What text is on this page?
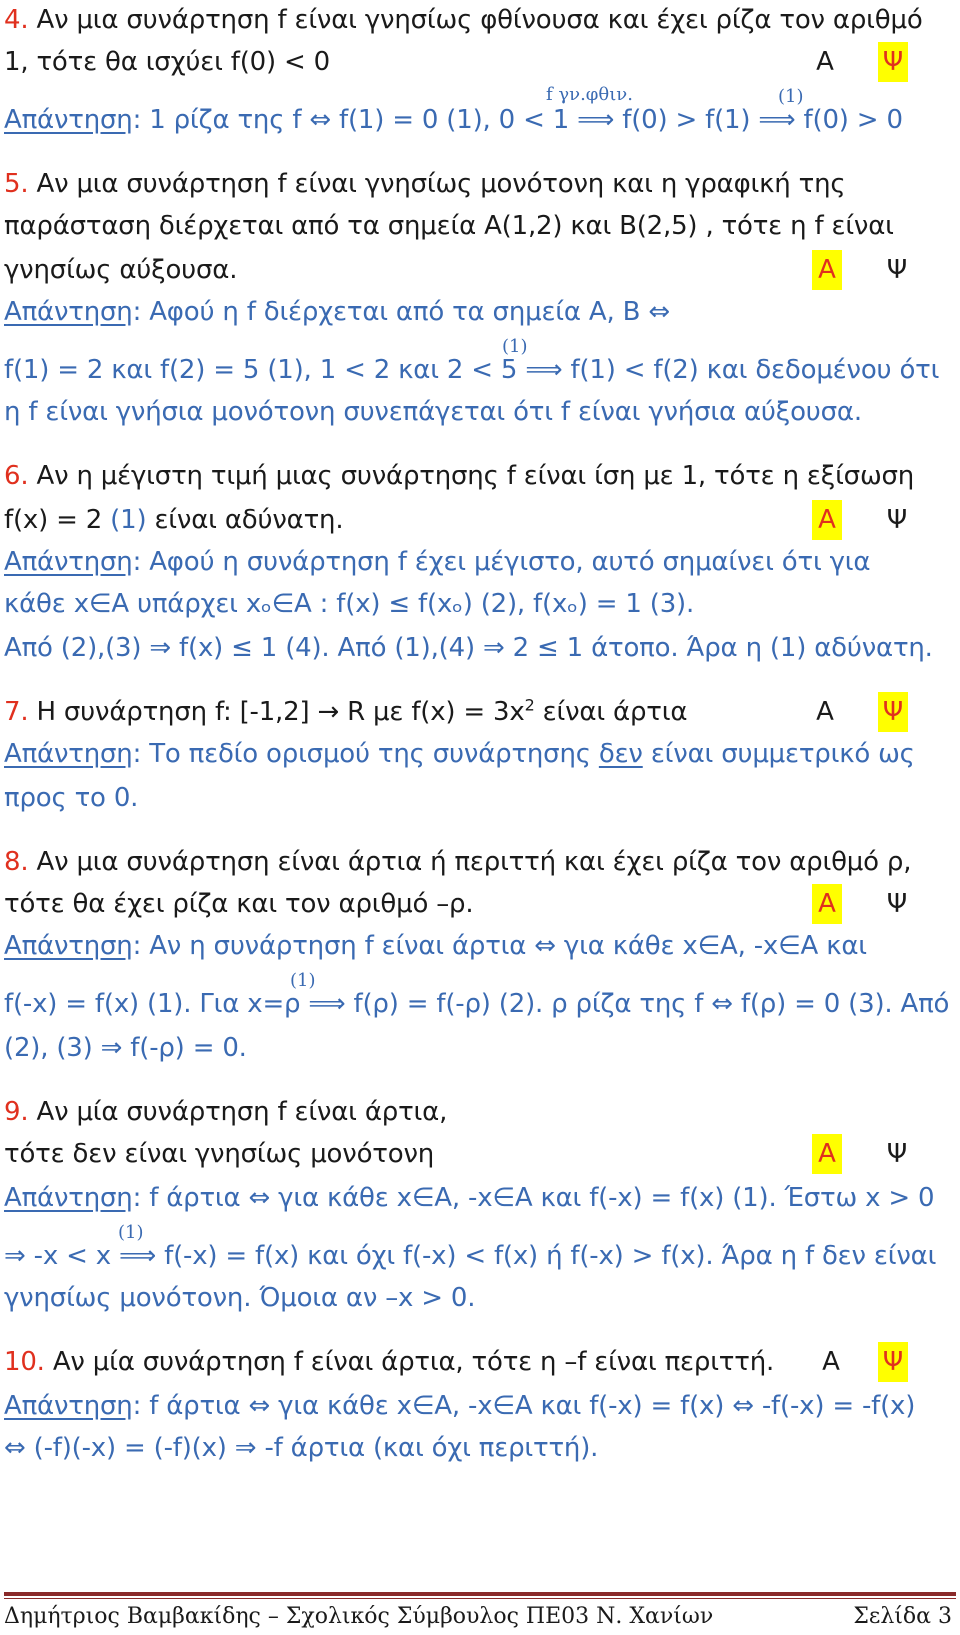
4. Αν μια συνάρτηση f είναι γνησίως φθίνουσα και έχει ρίζα τον αριθμό
1, τότε θα ισχύει f(0) < 0	Α Ψ
f γν.φθιν.	(1)
Απάντηση: 1 ρίζα της f ⇔ f(1) = 0 (1), 0 < 1 ⟹ f(0) > f(1) ⟹ f(0) > 0
5. Αν μια συνάρτηση f είναι γνησίως μονότονη και η γραφική της
παράσταση διέρχεται από τα σημεία Α(1,2) και Β(2,5) , τότε η f είναι
γνησίως αύξουσα.	Α Ψ
Απάντηση: Αφού η f διέρχεται από τα σημεία Α, Β ⇔
(1)
f(1) = 2 και f(2) = 5 (1), 1 < 2 και 2 < 5 ⟹ f(1) < f(2) και δεδομένου ότι
η f είναι γνήσια μονότονη συνεπάγεται ότι f είναι γνήσια αύξουσα.
6. Αν η μέγιστη τιμή μιας συνάρτησης f είναι ίση με 1, τότε η εξίσωση
f(x) = 2 (1) είναι αδύνατη.	Α Ψ
Απάντηση: Αφού η συνάρτηση f έχει μέγιστο, αυτό σημαίνει ότι για
κάθε x∈Α υπάρχει xₒ∈Α : f(x) ≤ f(xₒ) (2), f(xₒ) = 1 (3).
Από (2),(3) ⇒ f(x) ≤ 1 (4). Από (1),(4) ⇒ 2 ≤ 1 άτοπο. Άρα η (1) αδύνατη.
7. Η συνάρτηση f: [-1,2] → R με $f(x) = 3x^2$ είναι άρτια	Α Ψ
Απάντηση: Το πεδίο ορισμού της συνάρτησης δεν είναι συμμετρικό ως
προς το 0.
8. Αν μια συνάρτηση είναι άρτια ή περιττή και έχει ρίζα τον αριθμό ρ,
τότε θα έχει ρίζα και τον αριθμό –ρ.	Α Ψ
Απάντηση: Αν η συνάρτηση f είναι άρτια ⇔ για κάθε x∈Α, -x∈Α και
(1)
f(-x) = f(x) (1). Για x=ρ ⟹ f(ρ) = f(-ρ) (2). ρ ρίζα της f ⇔ f(ρ) = 0 (3). Από
(2), (3) ⇒ f(-ρ) = 0.
9. Αν μία συνάρτηση f είναι άρτια,
τότε δεν είναι γνησίως μονότονη	Α Ψ
Απάντηση: f άρτια ⇔ για κάθε x∈Α, -x∈Α και f(-x) = f(x) (1). Έστω x > 0
(1)
⇒ -x < x ⟹ f(-x) = f(x) και όχι f(-x) < f(x) ή f(-x) > f(x). Άρα η f δεν είναι
γνησίως μονότονη. Όμοια αν –x > 0.
10. Αν μία συνάρτηση f είναι άρτια, τότε η –f είναι περιττή.	Α Ψ
Απάντηση: f άρτια ⇔ για κάθε x∈Α, -x∈Α και f(-x) = f(x) ⇔ -f(-x) = -f(x)
⇔ (-f)(-x) = (-f)(x) ⇒ -f άρτια (και όχι περιττή).
Δημήτριος Βαμβακίδης – Σχολικός Σύμβουλος ΠΕ03 Ν. Χανίων	Σελίδα 3
